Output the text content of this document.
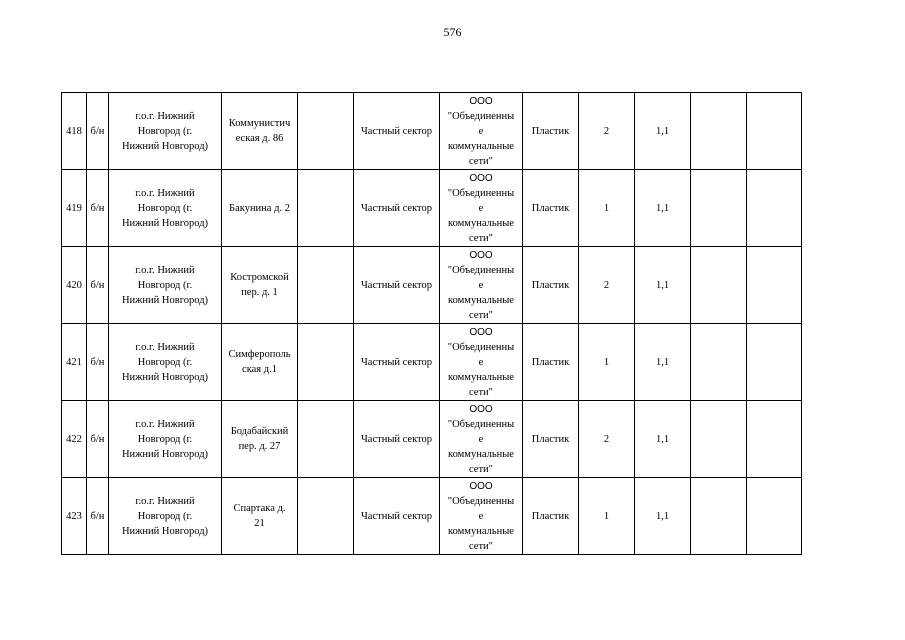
576
418	б/н	г.о.г. Нижний
Новгород (г.
Нижний Новгород)	Коммунистич
еская д. 86		Частный сектор	ООО
"Объединенны
е
коммунальные
сети"	Пластик	2	1,1		
419	б/н	г.о.г. Нижний
Новгород (г.
Нижний Новгород)	Бакунина д. 2		Частный сектор	ООО
"Объединенны
е
коммунальные
сети"	Пластик	1	1,1		
420	б/н	г.о.г. Нижний
Новгород (г.
Нижний Новгород)	Костромской
пер. д. 1		Частный сектор	ООО
"Объединенны
е
коммунальные
сети"	Пластик	2	1,1		
421	б/н	г.о.г. Нижний
Новгород (г.
Нижний Новгород)	Симферополь
ская д.1		Частный сектор	ООО
"Объединенны
е
коммунальные
сети"	Пластик	1	1,1		
422	б/н	г.о.г. Нижний
Новгород (г.
Нижний Новгород)	Бодабайский
пер. д. 27		Частный сектор	ООО
"Объединенны
е
коммунальные
сети"	Пластик	2	1,1		
423	б/н	г.о.г. Нижний
Новгород (г.
Нижний Новгород)	Спартака д.
21		Частный сектор	ООО
"Объединенны
е
коммунальные
сети"	Пластик	1	1,1		
